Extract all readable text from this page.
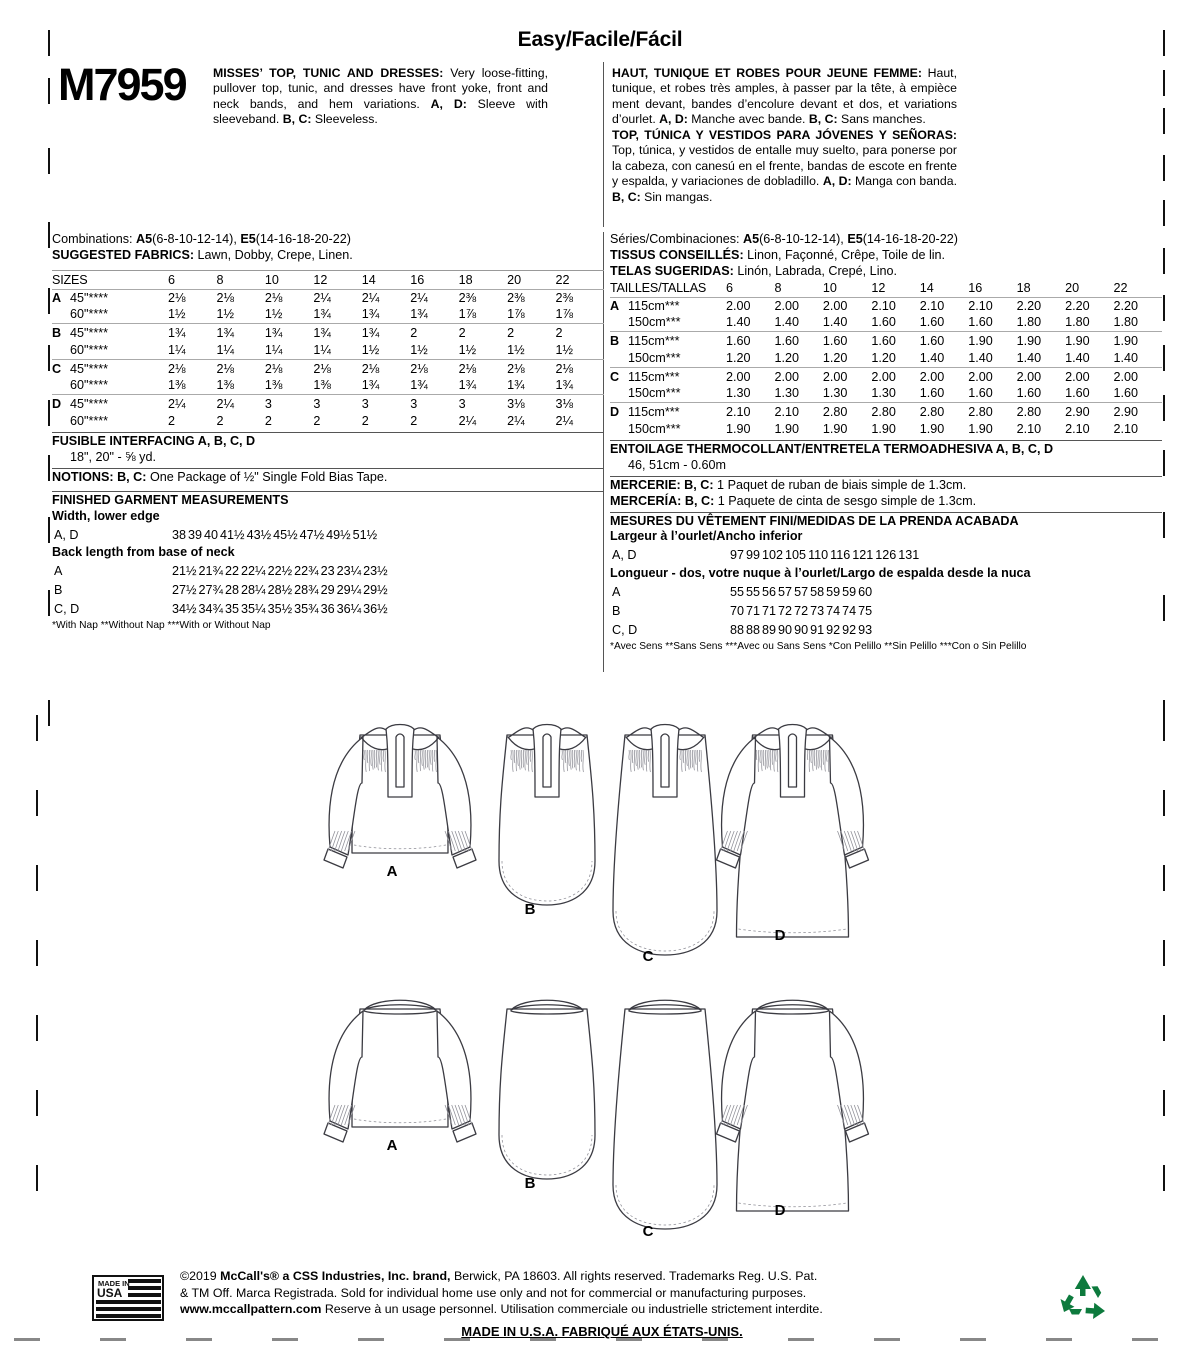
Easy/Facile/Fácil
M7959 MISSES’ TOP, TUNIC AND DRESSES: Very loose-fitting, pullover top, tunic, and dresses have front yoke, front and neck bands, and hem variations. A, D: Sleeve with sleeveband. B, C: Sleeveless.
HAUT, TUNIQUE ET ROBES POUR JEUNE FEMME: Haut, tunique, et robes très amples, à passer par la tête, à empièce ment devant, bandes d’encolure devant et dos, et variations d’ourlet. A, D: Manche avec bande. B, C: Sans manches.
TOP, TÚNICA Y VESTIDOS PARA JÓVENES Y SEÑORAS: Top, túnica, y vestidos de entalle muy suelto, para ponerse por la cabeza, con canesú en el frente, bandas de escote en frente y espalda, y variaciones de dobladillo. A, D: Manga con banda. B, C: Sin mangas.

Combinations: A5(6-8-10-12-14), E5(14-16-18-20-22)

SUGGESTED FABRICS: Lawn, Dobby, Crepe, Linen.

SIZES		6	8	10	12	14	16	18	20	22
A	45"****	2⅛	2⅛	2⅛	2¼	2¼	2¼	2⅜	2⅜	2⅜
	60"****	1½	1½	1½	1¾	1¾	1¾	1⅞	1⅞	1⅞
B	45"****	1¾	1¾	1¾	1¾	1¾	2	2	2	2
	60"****	1¼	1¼	1¼	1¼	1½	1½	1½	1½	1½
C	45"****	2⅛	2⅛	2⅛	2⅛	2⅛	2⅛	2⅛	2⅛	2⅛
	60"****	1⅜	1⅜	1⅜	1⅜	1¾	1¾	1¾	1¾	1¾
D	45"****	2¼	2¼	3	3	3	3	3	3⅛	3⅛
	60"****	2	2	2	2	2	2	2¼	2¼	2¼

FUSIBLE INTERFACING A, B, C, D

18", 20" - ⅝ yd.

NOTIONS: B, C: One Package of ½" Single Fold Bias Tape.

FINISHED GARMENT MEASUREMENTS

Width, lower edge

A, D	38	39	40	41½	43½	45½	47½	49½	51½

Back length from base of neck

A	21½	21¾	22	22¼	22½	22¾	23	23¼	23½
B	27½	27¾	28	28¼	28½	28¾	29	29¼	29½
C, D	34½	34¾	35	35¼	35½	35¾	36	36¼	36½
*With Nap **Without Nap ***With or Without Nap

Séries/Combinaciones: A5(6-8-10-12-14), E5(14-16-18-20-22)

TISSUS CONSEILLÉS: Linon, Façonné, Crêpe, Toile de lin.

TELAS SUGERIDAS: Linón, Labrada, Crepé, Lino.

TAILLES/TALLAS		6	8	10	12	14	16	18	20	22
A	115cm***	2.00	2.00	2.00	2.10	2.10	2.10	2.20	2.20	2.20
	150cm***	1.40	1.40	1.40	1.60	1.60	1.60	1.80	1.80	1.80
B	115cm***	1.60	1.60	1.60	1.60	1.60	1.90	1.90	1.90	1.90
	150cm***	1.20	1.20	1.20	1.20	1.40	1.40	1.40	1.40	1.40
C	115cm***	2.00	2.00	2.00	2.00	2.00	2.00	2.00	2.00	2.00
	150cm***	1.30	1.30	1.30	1.30	1.60	1.60	1.60	1.60	1.60
D	115cm***	2.10	2.10	2.80	2.80	2.80	2.80	2.80	2.90	2.90
	150cm***	1.90	1.90	1.90	1.90	1.90	1.90	2.10	2.10	2.10

ENTOILAGE THERMOCOLLANT/ENTRETELA TERMOADHESIVA A, B, C, D

46, 51cm - 0.60m

MERCERIE: B, C: 1 Paquet de ruban de biais simple de 1.3cm.

MERCERÍA: B, C: 1 Paquete de cinta de sesgo simple de 1.3cm.

MESURES DU VÊTEMENT FINI/MEDIDAS DE LA PRENDA ACABADA

Largeur à l’ourlet/Ancho inferior

A, D	97	99	102	105	110	116	121	126	131

Longueur - dos, votre nuque à l’ourlet/Largo de espalda desde la nuca

A	55	55	56	57	57	58	59	59	60
B	70	71	71	72	72	73	74	74	75
C, D	88	88	89	90	90	91	92	92	93
*Avec Sens **Sans Sens ***Avec ou Sans Sens *Con Pelillo **Sin Pelillo ***Con o Sin Pelillo
A
B
C
D
A
B
C
D
MADE IN
USA
©2019 McCall's® a CSS Industries, Inc. brand, Berwick, PA 18603. All rights reserved. Trademarks Reg. U.S. Pat.
& TM Off. Marca Registrada. Sold for individual home use only and not for commercial or manufacturing purposes.
www.mccallpattern.com Reserve à un usage personnel. Utilisation commerciale ou industrielle strictement interdite.
MADE IN U.S.A. FABRIQUÉ AUX ÉTATS-UNIS.
